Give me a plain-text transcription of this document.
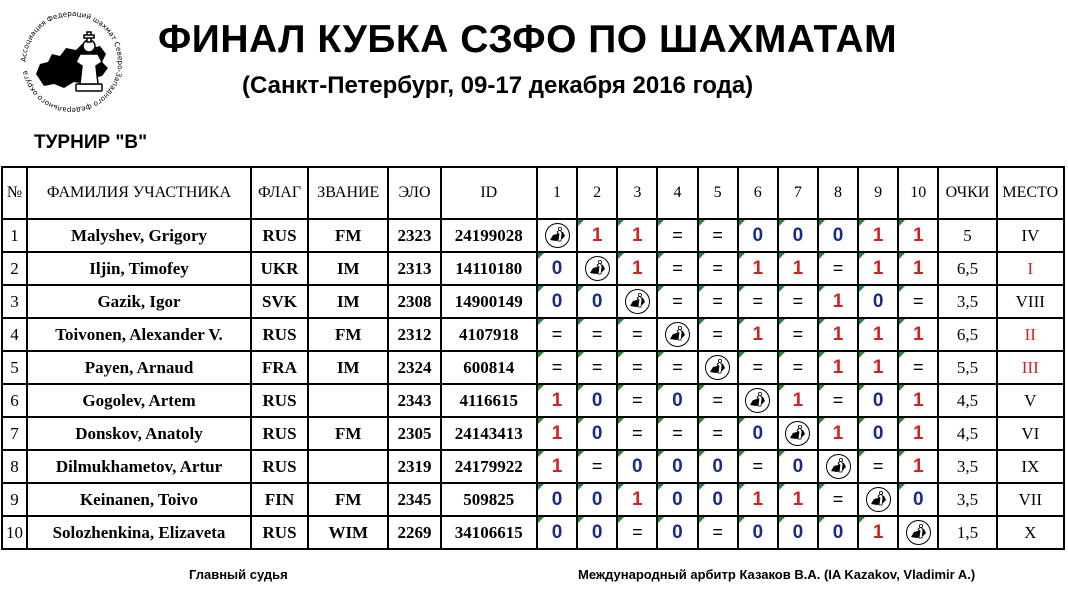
Ассоциация Федераций шахмат Северо-Западного федерального округа
ФИНАЛ КУБКА СЗФО ПО ШАХМАТАМ
(Санкт-Петербург, 09-17 декабря 2016 года)
ТУРНИР "B"
№	ФАМИЛИЯ УЧАСТНИКА	ФЛАГ	ЗВАНИЕ	ЭЛО	ID	1	2	3	4	5	6	7	8	9	10	ОЧКИ	МЕСТО
1	Malyshev, Grigory	RUS	FM	2323	24199028		1	1	=	=	0	0	0	1	1	5	IV
2	Iljin, Timofey	UKR	IM	2313	14110180	0		1	=	=	1	1	=	1	1	6,5	I
3	Gazik, Igor	SVK	IM	2308	14900149	0	0		=	=	=	=	1	0	=	3,5	VIII
4	Toivonen, Alexander V.	RUS	FM	2312	4107918	=	=	=		=	1	=	1	1	1	6,5	II
5	Payen, Arnaud	FRA	IM	2324	600814	=	=	=	=		=	=	1	1	=	5,5	III
6	Gogolev, Artem	RUS		2343	4116615	1	0	=	0	=		1	=	0	1	4,5	V
7	Donskov, Anatoly	RUS	FM	2305	24143413	1	0	=	=	=	0		1	0	1	4,5	VI
8	Dilmukhametov, Artur	RUS		2319	24179922	1	=	0	0	0	=	0		=	1	3,5	IX
9	Keinanen, Toivo	FIN	FM	2345	509825	0	0	1	0	0	1	1	=		0	3,5	VII
10	Solozhenkina, Elizaveta	RUS	WIM	2269	34106615	0	0	=	0	=	0	0	0	1		1,5	X
Главный судья	Международный арбитр Казаков В.А. (IA Kazakov, Vladimir A.)
